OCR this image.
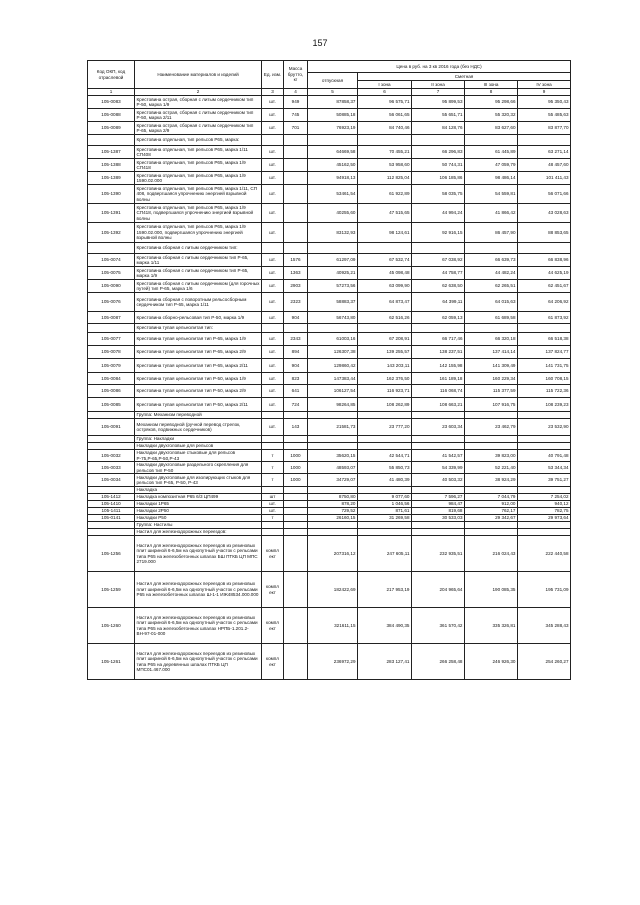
157
Код ОКП, код отраслевой	Наименование материалов и изделий	Ед. изм.	Масса брутто, кг	Цена в руб. на 3 кв 2016 года (без НДС)				
				отпускная	Сметная			
					I зона	II зона	III зона	IV зона
1	2	3	4	5	6	7	8	9
105-0083	Крестовина острая, сборная с литым сердечником тип Р-50, марка 1/9	шт.	949	87858,37	96 575,71	95 899,53	95 298,66	95 350,43
105-0088	Крестовина острая, сборная с литым сердечником тип Р-50, марка 2/11	шт.	745	50885,18	56 061,65	55 651,71	55 320,32	55 485,63
105-0089	Крестовина острая, сборная с литым сердечником тип Р-65, марка 2/9	шт.	701	76923,19	84 740,46	84 128,76	83 627,60	83 877,70
	Крестовина отдельная, тип рельсов Р65, марка:							
105-1387	Крестовина отдельная, тип рельсов Р65, марка 1/11 СП408	шт.		64669,58	70 455,21	66 296,83	61 445,89	63 271,14
105-1388	Крестовина отдельная, тип рельсов Р65, марка 1/9 СП418	шт.		45162,50	53 958,60	50 744,31	47 059,79	48 457,60
105-1389	Крестовина отдельная, тип рельсов Р65, марка 1/9 1590.02.000	шт.		94918,13	112 825,04	106 185,86	98 486,14	101 411,43
105-1390	Крестовина отдельная, тип рельсов Р65, марка 1/11, СП 408, подвергшаяся упрочнению энергией взрывной волны	шт.		53461,54	61 922,89	58 035,75	54 559,81	56 071,66
105-1391	Крестовина отдельная, тип рельсов Р65, марка 1/9 СП418, подвергшаяся упрочнению энергией взрывной волны	шт.		40255,60	47 515,65	44 994,24	41 866,42	43 028,63
105-1392	Крестовина отдельная, тип рельсов Р65, марка 1/9 1590.02.000, подвергшаяся упрочнению энергией взрывной волны	шт.		83132,93	98 124,61	92 916,15	86 457,90	88 853,65
	Крестовина сборная с литым сердечником тип:							
105-0074	Крестовина сборная с литым сердечником тип Р-65, марка 1/11	шт.	1576	61297,09	67 532,74	67 038,92	66 639,73	66 838,96
105-0075	Крестовина сборная с литым сердечником тип Р-65, марка 1/9	шт.	1363	40925,21	45 098,48	44 758,77	44 482,24	44 625,19
105-0090	Крестовина сборная с литым сердечником (для горочных путей) тип Р-65, марка 1/6	шт.	2903	57273,56	63 099,90	62 638,50	62 265,51	62 451,67
105-0076	Крестовина сборная с поворотным рельсосборным сердечником тип Р-65, марка 1/11	шт.	2323	58883,37	64 873,47	64 399,11	64 015,63	64 206,92
105-0087	Крестовина сборно-рельсовая тип Р-50, марка 1/9	шт.	904	56743,80	62 516,26	62 059,13	61 689,58	61 873,92
	Крестовина тупая цельнолитая тип:							
105-0077	Крестовина тупая цельнолитая тип Р-65, марка 1/9	шт.	2343	61003,16	67 208,91	66 717,46	66 320,18	66 518,38
105-0078	Крестовина тупая цельнолитая тип Р-65, марка 2/9	шт.	894	126307,38	139 255,57	138 237,51	137 414,14	137 824,77
105-0079	Крестовина тупая цельнолитая тип Р-65, марка 2/11	шт.	904	129860,42	143 203,11	142 155,98	141 309,49	141 731,75
105-0084	Крестовина тупая цельнолитая тип Р-50, марка 1/9	шт.	823	147383,44	162 376,50	161 189,18	160 229,34	160 708,15
105-0086	Крестовина тупая цельнолитая тип Р-50, марка 2/9	шт.	641	106127,54	116 923,71	116 068,74	115 377,59	115 722,36
105-0085	Крестовина тупая цельнолитая тип Р-50, марка 2/11	шт.	724	98264,85	108 262,89	108 663,21	107 916,75	108 239,23
	Группа: Механизм переводной							
105-0091	Механизм переводной (ручной перевод стрелок, остряков, подвижных сердечников)	шт.	143	21581,73	23 777,20	23 603,34	23 462,79	23 532,90
	Группа: Накладки							
	Накладки двухголовые для рельсов							
105-0032	Накладки двухголовые стыковые для рельсов Р-75,Р-65,Р-50,Р-43	т	1000	35620,15	42 544,71	41 542,57	39 823,00	40 791,48
105-0033	Накладки двухголовые раздельного скрепления для рельсов тип Р-50	т	1000	48593,07	55 850,73	54 339,99	52 221,40	53 344,34
105-0034	Накладки двухголовые для изолирующих стыков для рельсов тип Р-65, Р-50, Р-43	т	1000	34729,07	41 480,39	40 503,32	38 924,29	39 751,27
	Накладка							
105-1412	Накладка композитная Р65 6/3 ЦП499	шт		8750,80	9 077,60	7 596,27	7 044,79	7 254,02
105-1410	Накладки 1Р65	шт.		878,20	1 046,56	984,47	912,00	940,12
105-1411	Накладки 2Р50	шт.		729,52	871,61	819,68	762,17	782,75
105-0141	Накладки Р50	т		26160,15	31 269,58	30 533,03	29 342,67	29 973,64
	Группа: Настилы							
	Настил для железнодорожных переездов:							
105-1256	Настил для железнодорожных переездов из резиновых плит шириной 6-6,5м на однопутный участок с рельсами типа Р65 на железобетонных шпалах БШ ПТКБ ЦП МПС 2719.000	компл ект		207316,12	247 605,11	232 935,51	216 024,43	222 440,58
105-1259	Настил для железнодорожных переездов из резиновых плит шириной 6-6,5м на однопутный участок с рельсами Р65 на железобетонных шпалах Ш-1-1 ИЖ48534.000.000	компл ект		182422,69	217 953,19	204 965,64	190 085,35	195 731,09
105-1260	Настил для железнодорожных переездов из резиновых плит шириной 6-6,5м на однопутный участок с рельсами типа Р65 на железобетонных шпалах НРПБ-1.201.2-ВН-97-01-000	компл ект		321611,15	384 490,35	361 570,42	335 326,81	345 288,43
105-1261	Настил для железнодорожных переездов из резиновых плит шириной 6-6,5м на однопутный участок с рельсами типа Р65 на деревянных шпалах ПТКБ ЦП МПС01.467.000	компл ект		236972,29	283 127,41	266 258,48	246 926,30	254 260,27
